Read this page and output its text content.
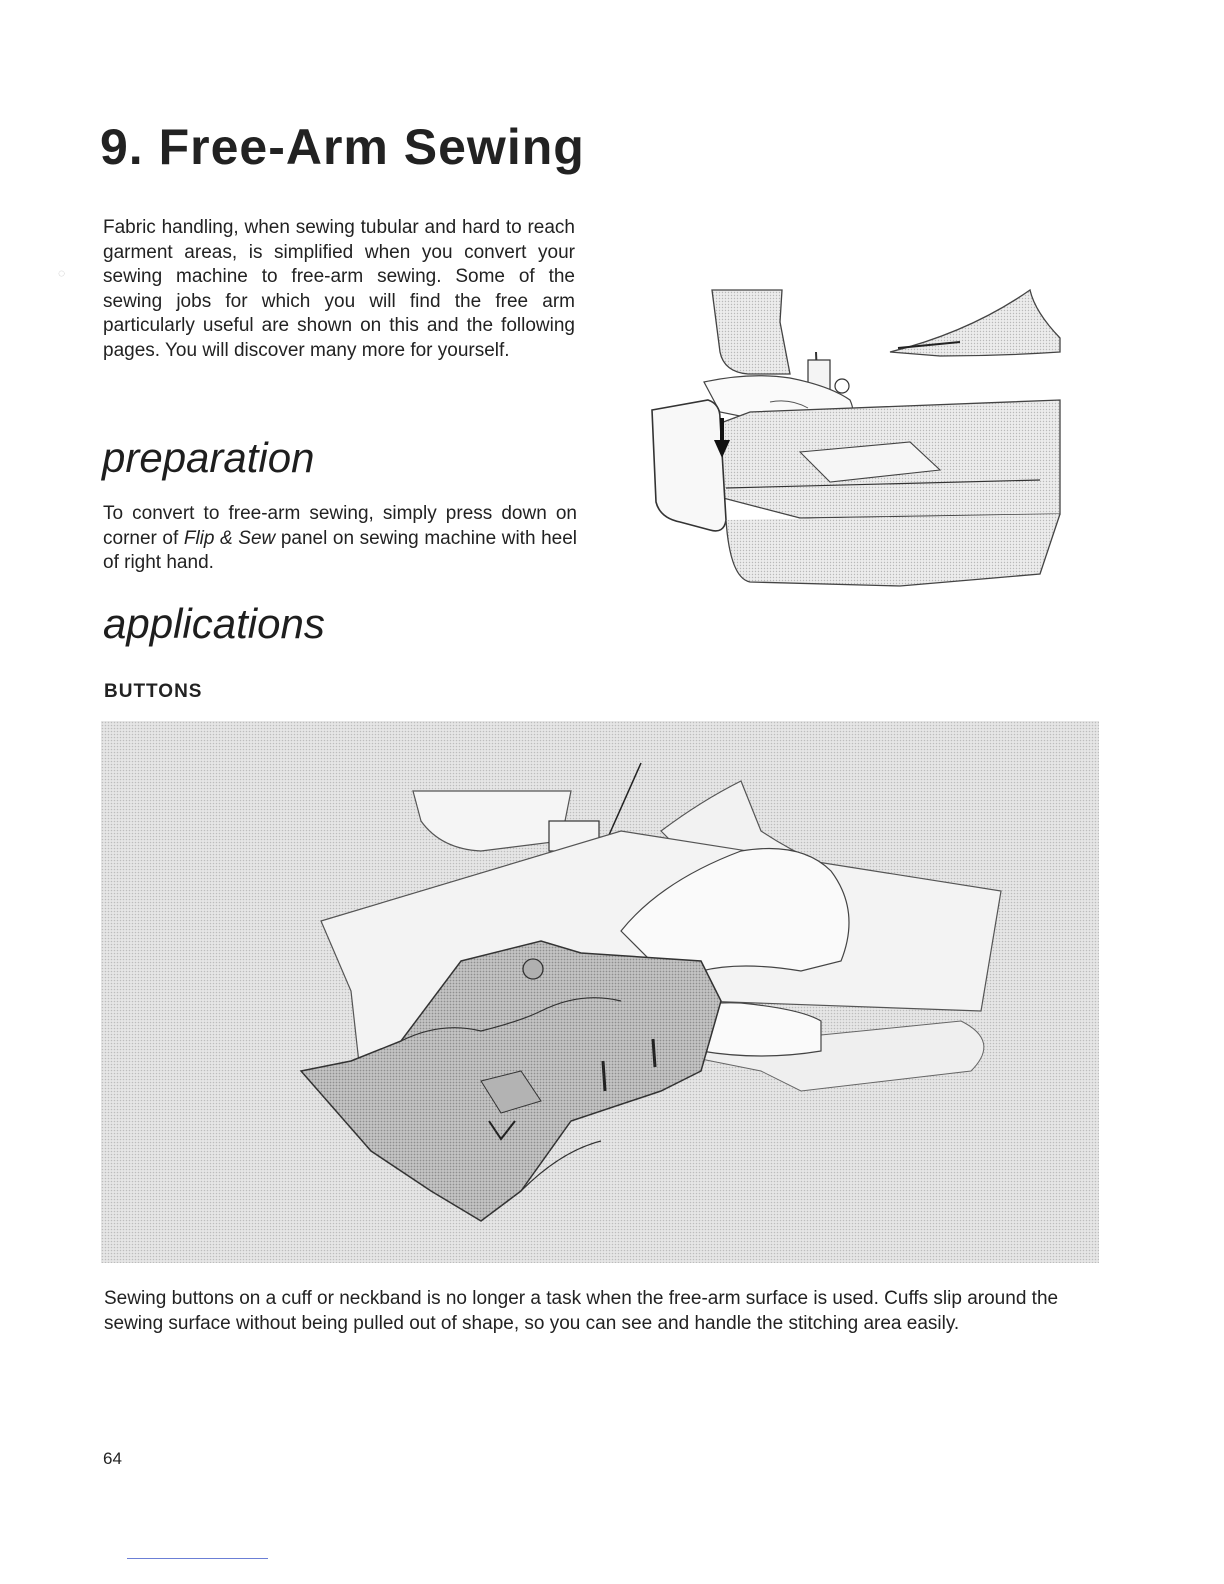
9. Free-Arm Sewing
◌

Fabric handling, when sewing tubular and hard to reach garment areas, is simplified when you convert your sewing machine to free-arm sewing. Some of the sewing jobs for which you will find the free arm particularly useful are shown on this and the following pages. You will discover many more for yourself.

preparation

To convert to free-arm sewing, simply press down on corner of Flip & Sew panel on sewing machine with heel of right hand.

applications
BUTTONS

Sewing buttons on a cuff or neckband is no longer a task when the free-arm surface is used. Cuffs slip around the sewing surface without being pulled out of shape, so you can see and handle the stitching area easily.

64
